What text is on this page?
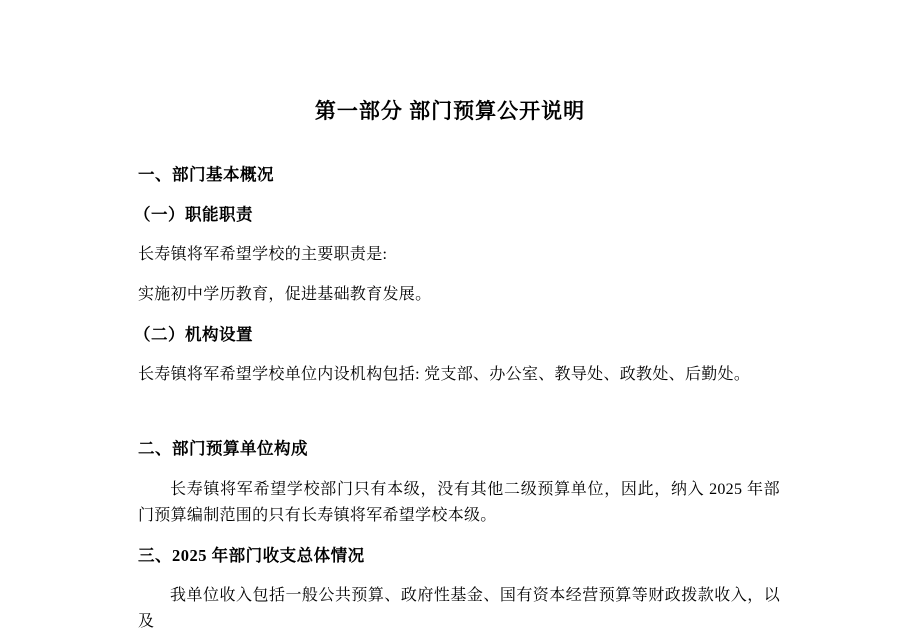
第一部分 部门预算公开说明
一、部门基本概况
（一）职能职责
长寿镇将军希望学校的主要职责是:
实施初中学历教育，促进基础教育发展。
（二）机构设置
长寿镇将军希望学校单位内设机构包括: 党支部、办公室、教导处、政教处、后勤处。
二、部门预算单位构成
长寿镇将军希望学校部门只有本级，没有其他二级预算单位，因此，纳入 2025 年部门预算编制范围的只有长寿镇将军希望学校本级。
三、2025 年部门收支总体情况
我单位收入包括一般公共预算、政府性基金、国有资本经营预算等财政拨款收入，以及
